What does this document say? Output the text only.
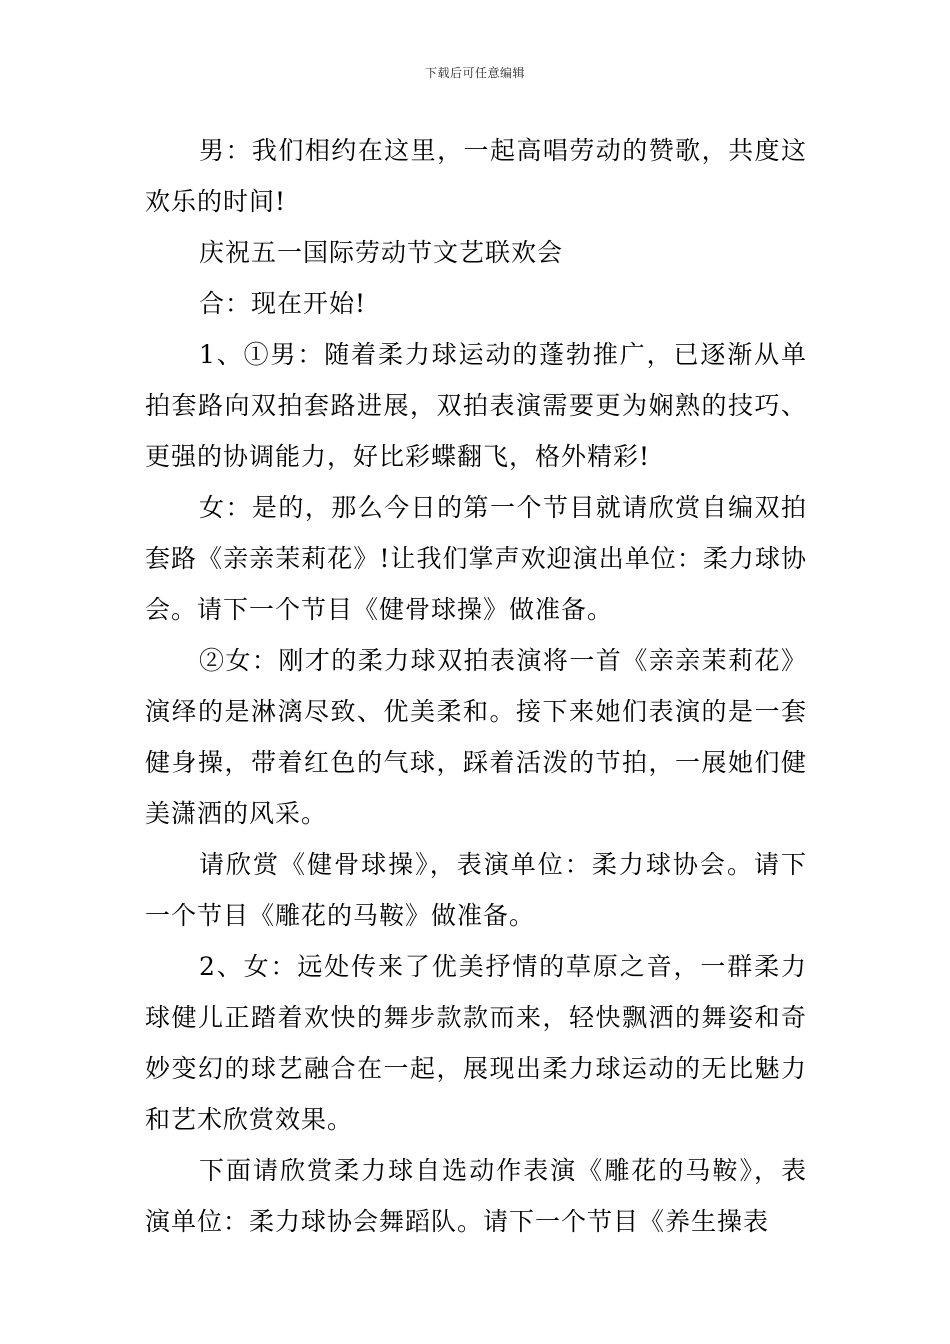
下载后可任意编辑

男：我们相约在这里，一起高唱劳动的赞歌，共度这欢乐的时间!

庆祝五一国际劳动节文艺联欢会

合：现在开始!

1、①男：随着柔力球运动的蓬勃推广，已逐渐从单拍套路向双拍套路进展，双拍表演需要更为娴熟的技巧、更强的协调能力，好比彩蝶翻飞，格外精彩!

女：是的，那么今日的第一个节目就请欣赏自编双拍套路《亲亲茉莉花》!让我们掌声欢迎演出单位：柔力球协会。请下一个节目《健骨球操》做准备。

②女：刚才的柔力球双拍表演将一首《亲亲茉莉花》演绎的是淋漓尽致、优美柔和。接下来她们表演的是一套健身操，带着红色的气球，踩着活泼的节拍，一展她们健美潇洒的风采。

请欣赏《健骨球操》，表演单位：柔力球协会。请下一个节目《雕花的马鞍》做准备。

2、女：远处传来了优美抒情的草原之音，一群柔力球健儿正踏着欢快的舞步款款而来，轻快飘洒的舞姿和奇妙变幻的球艺融合在一起，展现出柔力球运动的无比魅力和艺术欣赏效果。

下面请欣赏柔力球自选动作表演《雕花的马鞍》，表演单位：柔力球协会舞蹈队。请下一个节目《养生操表
